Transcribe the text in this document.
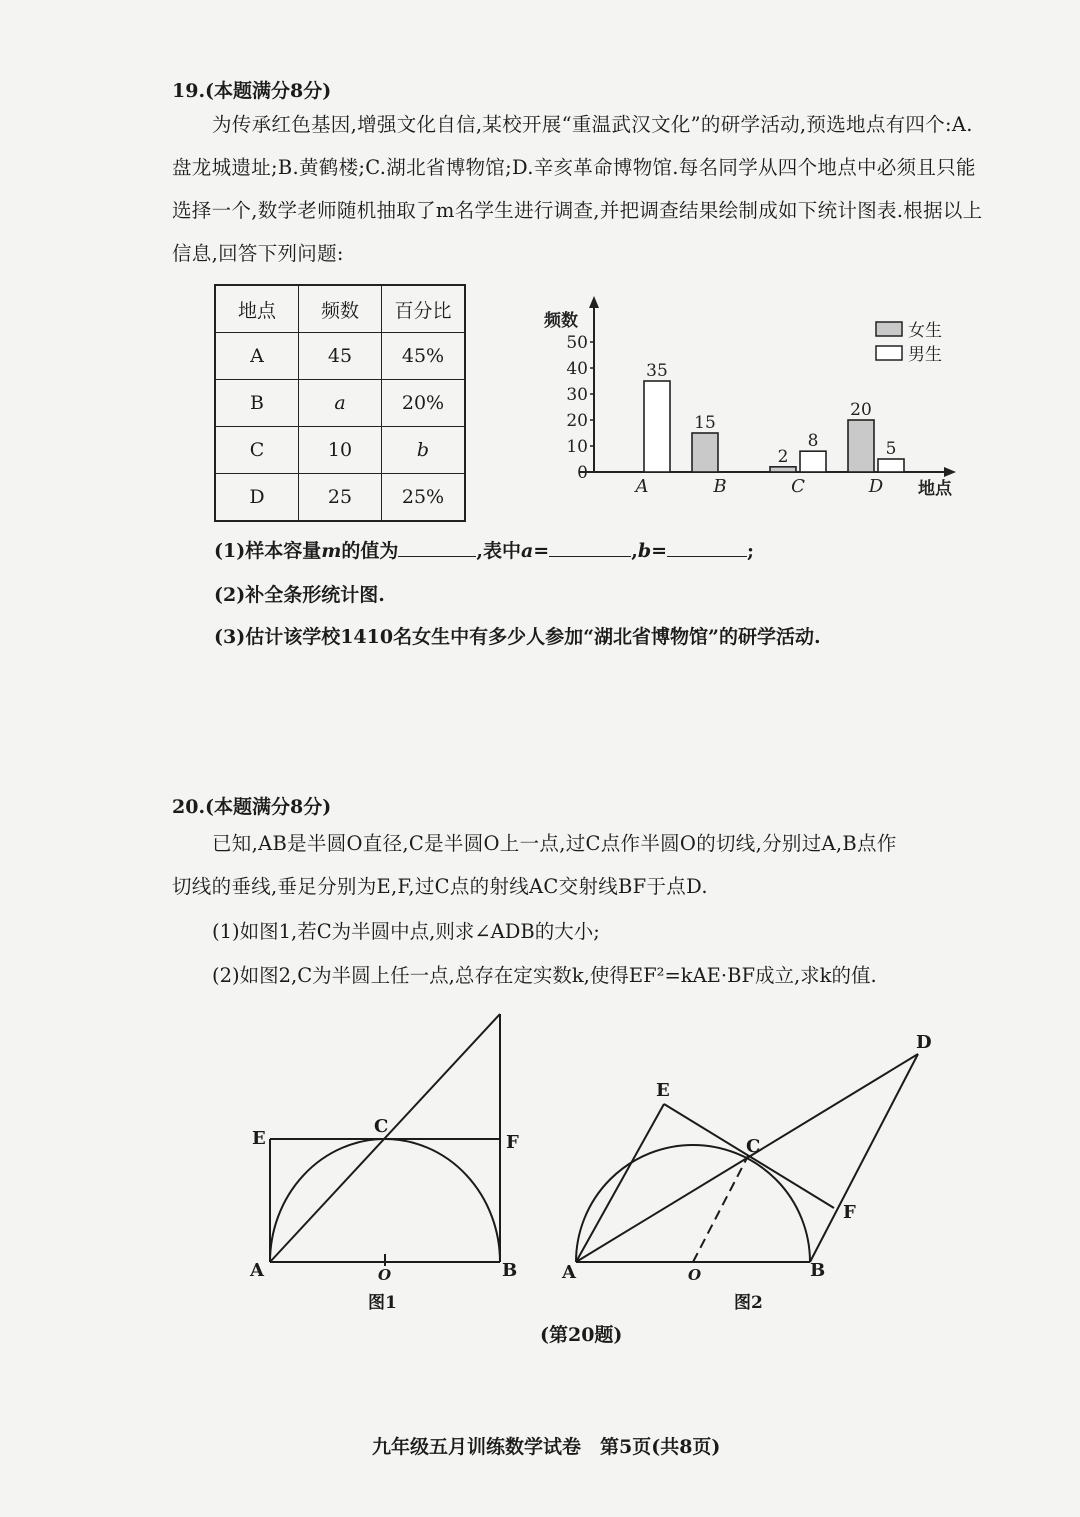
19.(本题满分8分)
为传承红色基因,增强文化自信,某校开展“重温武汉文化”的研学活动,预选地点有四个:A.盘龙城遗址;B.黄鹤楼;C.湖北省博物馆;D.辛亥革命博物馆.每名同学从四个地点中必须且只能选择一个,数学老师随机抽取了m名学生进行调查,并把调查结果绘制成如下统计图表.根据以上信息,回答下列问题:
地点	频数	百分比
A	45	45%
B	a	20%
C	10	b
D	25	25%
频数
地点
女生
男生
0
10
20
30
40
50
A
35
B
15
C
2
8
D
20
5
(1)样本容量m的值为	,表中a=	,b=	;
(2)补全条形统计图.
(3)估计该学校1410名女生中有多少人参加“湖北省博物馆”的研学活动.
20.(本题满分8分)
已知,AB是半圆O直径,C是半圆O上一点,过C点作半圆O的切线,分别过A,B点作
切线的垂线,垂足分别为E,F,过C点的射线AC交射线BF于点D.
(1)如图1,若C为半圆中点,则求∠ADB的大小;
(2)如图2,C为半圆上任一点,总存在定实数k,使得EF²=kAE·BF成立,求k的值.
E
C
F
A	O	B
图1
D
E
C
F
A	O	B
图2
(第20题)
九年级五月训练数学试卷　第5页(共8页)
